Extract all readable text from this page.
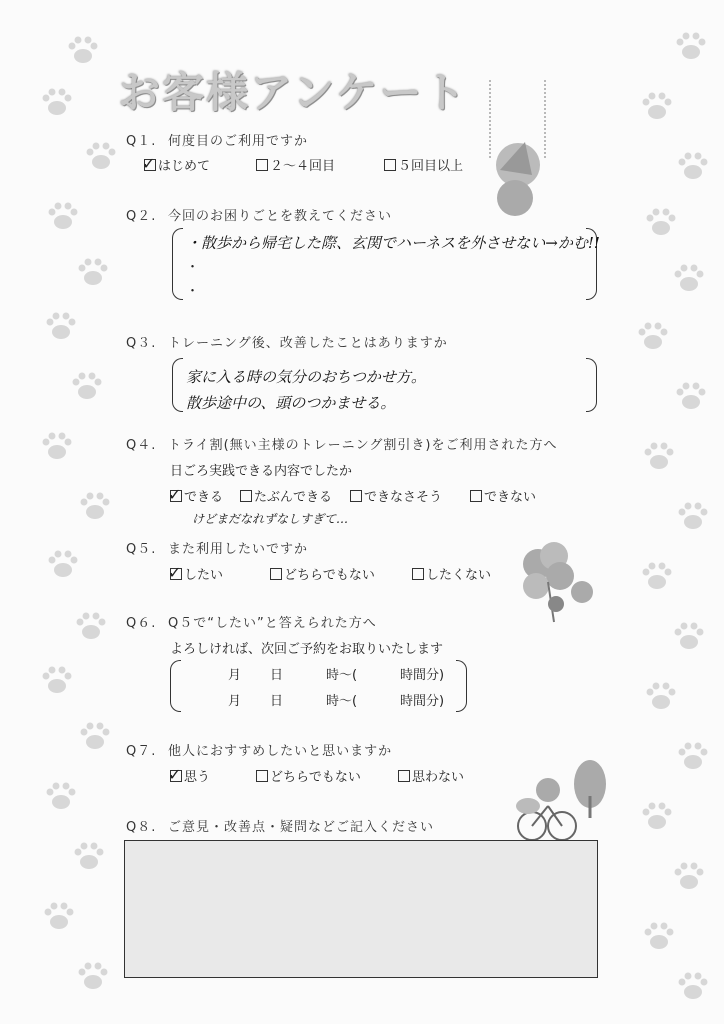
お客様アンケート
Q１. 何度目のご利用ですか
✓ はじめて	２～４回目	５回目以上
Q２. 今回のお困りごとを教えてください
・散歩から帰宅した際、玄関でハーネスを外させない→かむ!!
・
・
Q３. トレーニング後、改善したことはありますか
家に入る時の気分のおちつかせ方。
散歩途中の、頭のつかませる。
Q４. トライ割(無い主様のトレーニング割引き)をご利用された方へ
日ごろ実践できる内容でしたか
✓ できる	たぶんできる	できなさそう	できない
けどまだなれずなしすぎて…
Q５. また利用したいですか
✓ したい	どちらでもない	したくない
Q６. Q５で“したい”と答えられた方へ
よろしければ、次回ご予約をお取りいたします
月 日	時～(	時間分)
月 日	時～(	時間分)
Q７. 他人におすすめしたいと思いますか
✓ 思う	どちらでもない	思わない
Q８. ご意見・改善点・疑問などご記入ください
